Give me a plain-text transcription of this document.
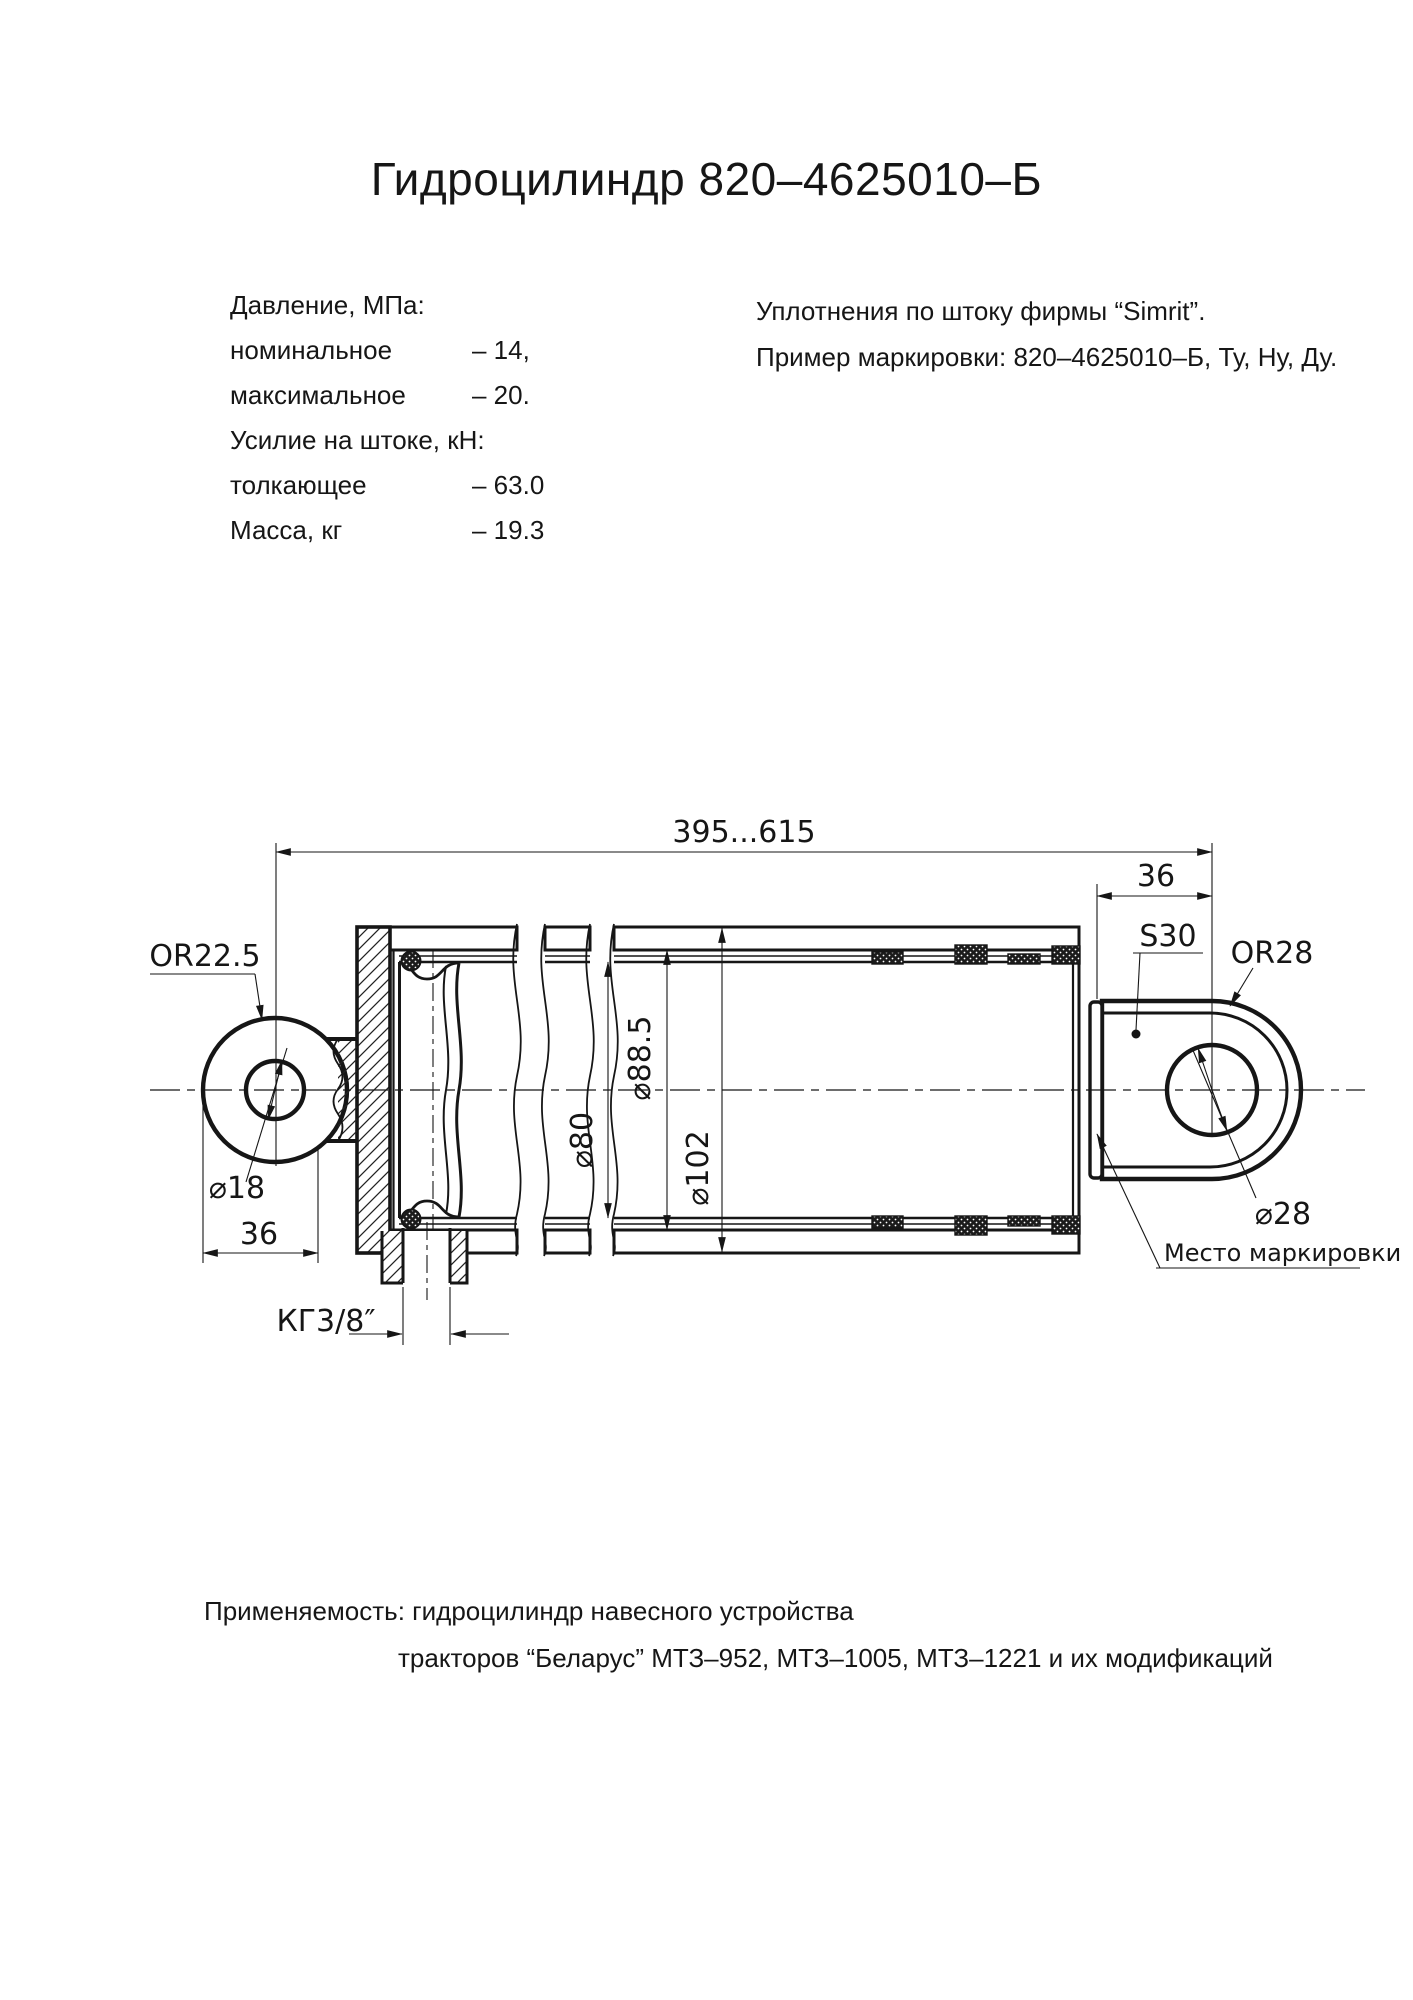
Гидроцилиндр 820–4625010–Б
Давление, МПа:
номинальное	– 14,
максимальное	– 20.
Усилие на штоке, кН:
толкающее	– 63.0
Масса, кг	– 19.3
Уплотнения по штоку фирмы “Simrit”.
Пример маркировки: 820–4625010–Б, Ту, Ну, Ду.
Применяемость: гидроцилиндр навесного устройства
тракторов “Беларус” МТЗ–952, МТЗ–1005, МТЗ–1221 и их модификаций
395...615
36
S30 OR28
OR22.5
⌀18
36
КГ3/8″
⌀28
Место маркировки
⌀80
⌀88.5
⌀102
